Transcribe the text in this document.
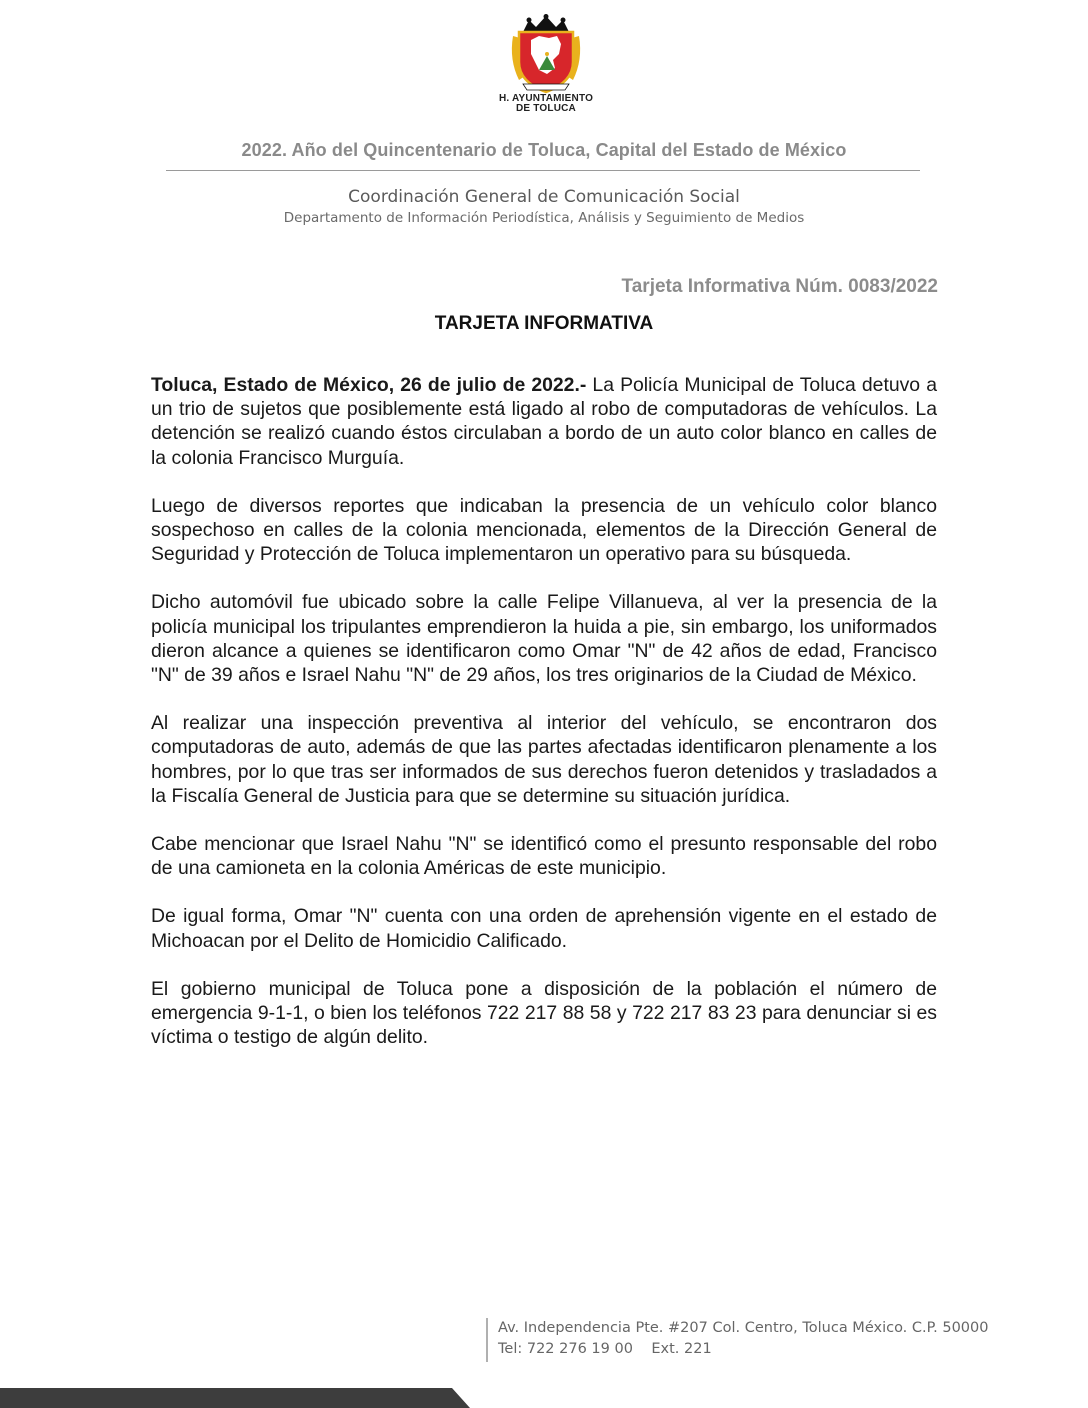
H. AYUNTAMIENTO
DE TOLUCA
2022. Año del Quincentenario de Toluca, Capital del Estado de México
Coordinación General de Comunicación Social
Departamento de Información Periodística, Análisis y Seguimiento de Medios
Tarjeta Informativa Núm. 0083/2022
TARJETA INFORMATIVA

Toluca, Estado de México, 26 de julio de 2022.- La Policía Municipal de Toluca detuvo a un trio de sujetos que posiblemente está ligado al robo de computadoras de vehículos. La detención se realizó cuando éstos circulaban a bordo de un auto color blanco en calles de la colonia Francisco Murguía.

Luego de diversos reportes que indicaban la presencia de un vehículo color blanco sospechoso en calles de la colonia mencionada, elementos de la Dirección General de Seguridad y Protección de Toluca implementaron un operativo para su búsqueda.

Dicho automóvil fue ubicado sobre la calle Felipe Villanueva, al ver la presencia de la policía municipal los tripulantes emprendieron la huida a pie, sin embargo, los uniformados dieron alcance a quienes se identificaron como Omar "N" de 42 años de edad, Francisco "N" de 39 años e Israel Nahu "N" de 29 años, los tres originarios de la Ciudad de México.

Al realizar una inspección preventiva al interior del vehículo, se encontraron dos computadoras de auto, además de que las partes afectadas identificaron plenamente a los hombres, por lo que tras ser informados de sus derechos fueron detenidos y trasladados a la Fiscalía General de Justicia para que se determine su situación jurídica.

Cabe mencionar que Israel Nahu "N" se identificó como el presunto responsable del robo de una camioneta en la colonia Américas de este municipio.

De igual forma, Omar "N" cuenta con una orden de aprehensión vigente en el estado de Michoacan por el Delito de Homicidio Calificado.

El gobierno municipal de Toluca pone a disposición de la población el número de emergencia 9-1-1, o bien los teléfonos 722 217 88 58 y 722 217 83 23 para denunciar si es víctima o testigo de algún delito.

Av. Independencia Pte. #207 Col. Centro, Toluca México. C.P. 50000
Tel: 722 276 19 00    Ext. 221
